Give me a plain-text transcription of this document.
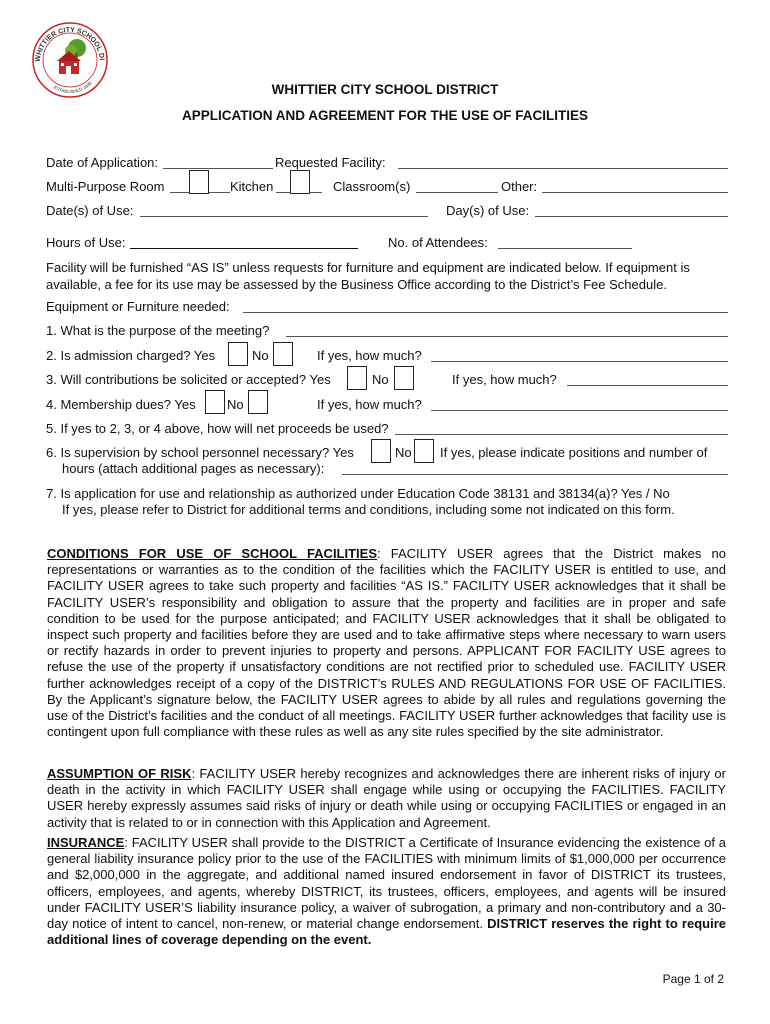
WHITTIER CITY SCHOOL DI
ESTABLISHED 1898	WHITTIER CITY SCHOOL DISTRICT
APPLICATION AND AGREEMENT FOR THE USE OF FACILITIES
Date of Application:	Requested Facility:
Multi-Purpose Room	Kitchen	Classroom(s)	Other:
Date(s) of Use:	Day(s) of Use:
Hours of Use:	No. of Attendees:
Facility will be furnished “AS IS” unless requests for furniture and equipment are indicated below. If equipment is available, a fee for its use may be assessed by the Business Office according to the District’s Fee Schedule.
Equipment or Furniture needed:
1. What is the purpose of the meeting?
2. Is admission charged? Yes	No	If yes, how much?
3. Will contributions be solicited or accepted? Yes	No	If yes, how much?
4. Membership dues? Yes No	If yes, how much?
5. If yes to 2, 3, or 4 above, how will net proceeds be used?
6. Is supervision by school personnel necessary? Yes	No If yes, please indicate positions and number of
hours (attach additional pages as necessary):
7. Is application for use and relationship as authorized under Education Code 38131 and 38134(a)? Yes / No
If yes, please refer to District for additional terms and conditions, including some not indicated on this form.
CONDITIONS FOR USE OF SCHOOL FACILITIES: FACILITY USER agrees that the District makes no representations or warranties as to the condition of the facilities which the FACILITY USER is entitled to use, and FACILITY USER agrees to take such property and facilities “AS IS.” FACILITY USER acknowledges that it shall be FACILITY USER’s responsibility and obligation to assure that the property and facilities are in proper and safe condition to be used for the purpose anticipated; and FACILITY USER acknowledges that it shall be obligated to inspect such property and facilities before they are used and to take affirmative steps where necessary to warn users or rectify hazards in order to prevent injuries to property and persons. APPLICANT FOR FACILITY USE agrees to refuse the use of the property if unsatisfactory conditions are not rectified prior to scheduled use. FACILITY USER further acknowledges receipt of a copy of the DISTRICT’s RULES AND REGULATIONS FOR USE OF FACILITIES. By the Applicant’s signature below, the FACILITY USER agrees to abide by all rules and regulations governing the use of the District’s facilities and the conduct of all meetings. FACILITY USER further acknowledges that facility use is contingent upon full compliance with these rules as well as any site rules specified by the site administrator.
ASSUMPTION OF RISK: FACILITY USER hereby recognizes and acknowledges there are inherent risks of injury or death in the activity in which FACILITY USER shall engage while using or occupying the FACILITIES. FACILITY USER hereby expressly assumes said risks of injury or death while using or occupying FACILITIES or engaged in an activity that is related to or in connection with this Application and Agreement.
INSURANCE: FACILITY USER shall provide to the DISTRICT a Certificate of Insurance evidencing the existence of a general liability insurance policy prior to the use of the FACILITIES with minimum limits of $1,000,000 per occurrence and $2,000,000 in the aggregate, and additional named insured endorsement in favor of DISTRICT its trustees, officers, employees, and agents, whereby DISTRICT, its trustees, officers, employees, and agents will be insured under FACILITY USER’S liability insurance policy, a waiver of subrogation, a primary and non-contributory and a 30-day notice of intent to cancel, non-renew, or material change endorsement. DISTRICT reserves the right to require additional lines of coverage depending on the event.
Page 1 of 2
